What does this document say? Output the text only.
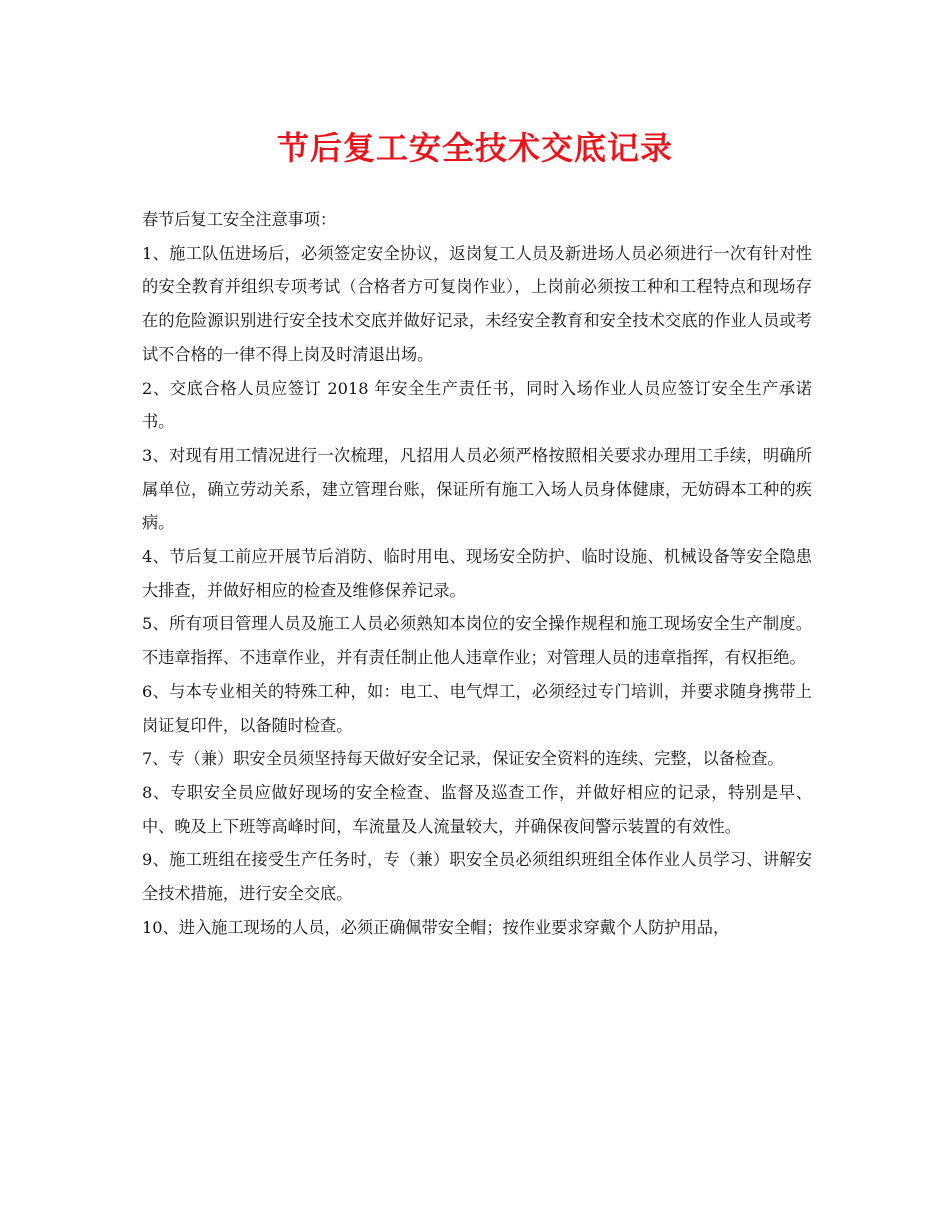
节后复工安全技术交底记录

春节后复工安全注意事项：

1、施工队伍进场后，必须签定安全协议，返岗复工人员及新进场人员必须进行一次有针对性的安全教育并组织专项考试（合格者方可复岗作业），上岗前必须按工种和工程特点和现场存在的危险源识别进行安全技术交底并做好记录，未经安全教育和安全技术交底的作业人员或考试不合格的一律不得上岗及时清退出场。

2、交底合格人员应签订 2018 年安全生产责任书，同时入场作业人员应签订安全生产承诺书。

3、对现有用工情况进行一次梳理，凡招用人员必须严格按照相关要求办理用工手续，明确所属单位，确立劳动关系，建立管理台账，保证所有施工入场人员身体健康，无妨碍本工种的疾病。

4、节后复工前应开展节后消防、临时用电、现场安全防护、临时设施、机械设备等安全隐患大排查，并做好相应的检查及维修保养记录。

5、所有项目管理人员及施工人员必须熟知本岗位的安全操作规程和施工现场安全生产制度。不违章指挥、不违章作业，并有责任制止他人违章作业；对管理人员的违章指挥，有权拒绝。

6、与本专业相关的特殊工种，如：电工、电气焊工，必须经过专门培训，并要求随身携带上岗证复印件，以备随时检查。

7、专（兼）职安全员须坚持每天做好安全记录，保证安全资料的连续、完整，以备检查。

8、专职安全员应做好现场的安全检查、监督及巡查工作，并做好相应的记录，特别是早、中、晚及上下班等高峰时间，车流量及人流量较大，并确保夜间警示装置的有效性。

9、施工班组在接受生产任务时，专（兼）职安全员必须组织班组全体作业人员学习、讲解安全技术措施，进行安全交底。

10、进入施工现场的人员，必须正确佩带安全帽；按作业要求穿戴个人防护用品，
